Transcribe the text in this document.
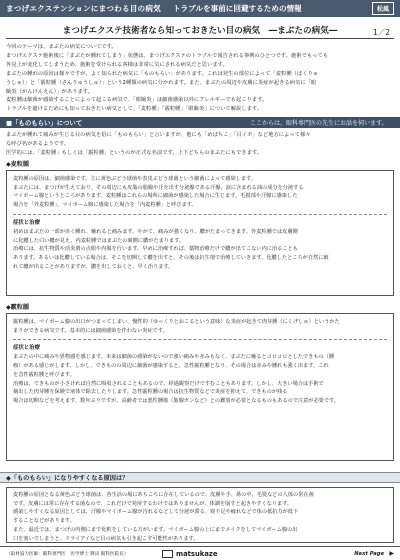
まつげエクステンションにまつわる目の病気 トラブルを事前に回避するための情報	松風
まつげエクステ技術者なら知っておきたい目の病気　―まぶたの病気―	1／2
今回のテーマは、まぶたの病気についてです。
まつげエクステ施術後に「まぶたが腫れてしまう」状態は、まつげエクステのトラブルで報告される事例のひとつです。施術でもっても
外見上が変化してしまうため、施術を受けられる客様は非常に気にされる病気だと思います。
まぶたの腫れの原因は様々ですが、よく知られた病気に「ものもらい」があります。これは発生の部位によって「麦粒腫（ばくりゅ
うしゅ）」と「霰粒腫（さんりゅうしゅ）」という2種類の病気に分かれます。また、まぶたの周辺や皮膚に炎症が起きる病気に「眼
瞼炎（がんけんえん）」があります。
麦粒腫は細菌が感染することによって起こる病気で、「眼瞼炎」は細菌感染以外にアレルギーでも起こります。
トラブルを避けるためにも知っておきたい病気として、「麦粒腫」「霰粒腫」「眼瞼炎」について解説します。
■「ものもらい」について	ここからは、眼科専門医の先生にお話を伺います。
まぶたが腫れて痛みが生じる目の病気を俗に「ものもらい」と言いますが、他にも「めばちこ」「目イボ」など地方によって様々
な呼び名があるようです。
医学的には、「麦粒腫」もしくは「霰粒腫」というのが正式な名前です。上下どちらのまぶたにもできます。
◆麦粒腫
麦粒腫の原因は、細菌感染です。主に黄色ぶどう球菌や表皮ぶどう球菌という細菌によって感染します。
まぶたには、まつげが生えており、その周辺にも皮脂の脂腺や汗を出す分泌腺である汗腺、涙に含まれる油の成分を分泌する
マイボーム腺というところがあります。麦粒腫はこれらの場所に細菌が感染した場合に生じます。毛根部や汗腺に感染した
場合を「外麦粒腫」、マイボーム腺に感染した場合を「内麦粒腫」と呼びます。
症状と治療
初めはまぶたの一部が赤く腫れ、触れると痛みます。やがて、痛みが強くなり、膿がたまってきます。外麦粒腫では皮膚側
に化膿した白い膿が見え、内麦粒腫ではまぶたの裏側に膿がたまります。
治療には、抗生物質や消炎剤の点眼や内服を行います。早めに治療すれば、薬物治療だけで膿が出てこない内に治ることも
あります。あるいは化膿している場合は、そこを切開して膿を出すと、その後は抗生剤で治療していきます。化膿したところが自然に破
れて膿が出ることがありますが、膿を出しておくと、早く治ります。
◆霰粒腫
霰粒腫は、マイボーム腺の出口がつまってしまい、慢性的（ゆっくりとおこるという意味）な炎症が起きて肉芽腫（にくげしゅ）というかた
まりができる病気です。基本的には細菌感染を伴わない炎症です。
症状と治療
まぶたの中に痛みや異物感を感じます。本来は細菌の感染がないので強い痛みや赤みもなく、まぶたに触るとコロコロとしたできもの（腫
瘤）がある感じがします。しかし、できものの周辺に細菌が感染すると、急性霰粒腫となり、その場合は赤みや腫れも強く出ます。これ
を急性霰粒腫と呼びます。
治療は、できものが小さければ自然に吸収されることもあるので、経過観察だけですむこともあります。しかし、大きい場合は手術で
摘出した肉芽腫を保険で液体で除去したりします。急性霰粒腫の場合は抗生物質などで炎症を抑えて、できものが残る
場合は切開などを考えます。数年ぶりですが、高齢者では悪性腫瘍（脂腺ガンなど）との鑑別が必要となるものもあるので注意が必要です。
◆「ものもらい」になりやすくなる原因は？
麦粒腫の原因となる黄色ぶどう球菌は、各生活の場にあちこちに存在しているので、皮膚や手、鼻の中、毛髪などの人体の常在菌
です。皮膚には常に存在する菌なので、これだけで発症するわけではありませんが、体調を崩すと起きやすくなります。
感染しやすくなる原因としては、汗腺やマイボーム腺が汚れるなどして分泌が滞る、寝不足や疲れなどで体の抵抗力が低下
することなどがあります。
また、最近では、まつげの内側にまで化粧をしている方がいます。マイボーム腺の上にまでメイクをしてマイボーム腺の出
口を塞いでしまうと、ドライアイなど目の病気も引き起こす可能性があります。
（取材協力医師：眼科専門医　医学博士 興田 眼科医院長）	matsukaze	Next Page ▶
